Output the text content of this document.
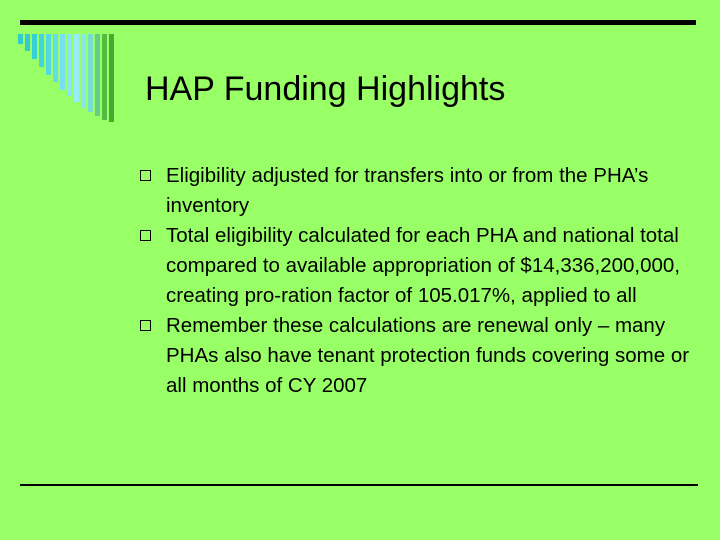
HAP Funding Highlights
Eligibility adjusted for transfers into or from the PHA’s inventory
Total eligibility calculated for each PHA and national total compared to available appropriation of $14,336,200,000, creating pro-ration factor of 105.017%, applied to all
Remember these calculations are renewal only – many PHAs also have tenant protection funds covering some or all months of CY 2007
